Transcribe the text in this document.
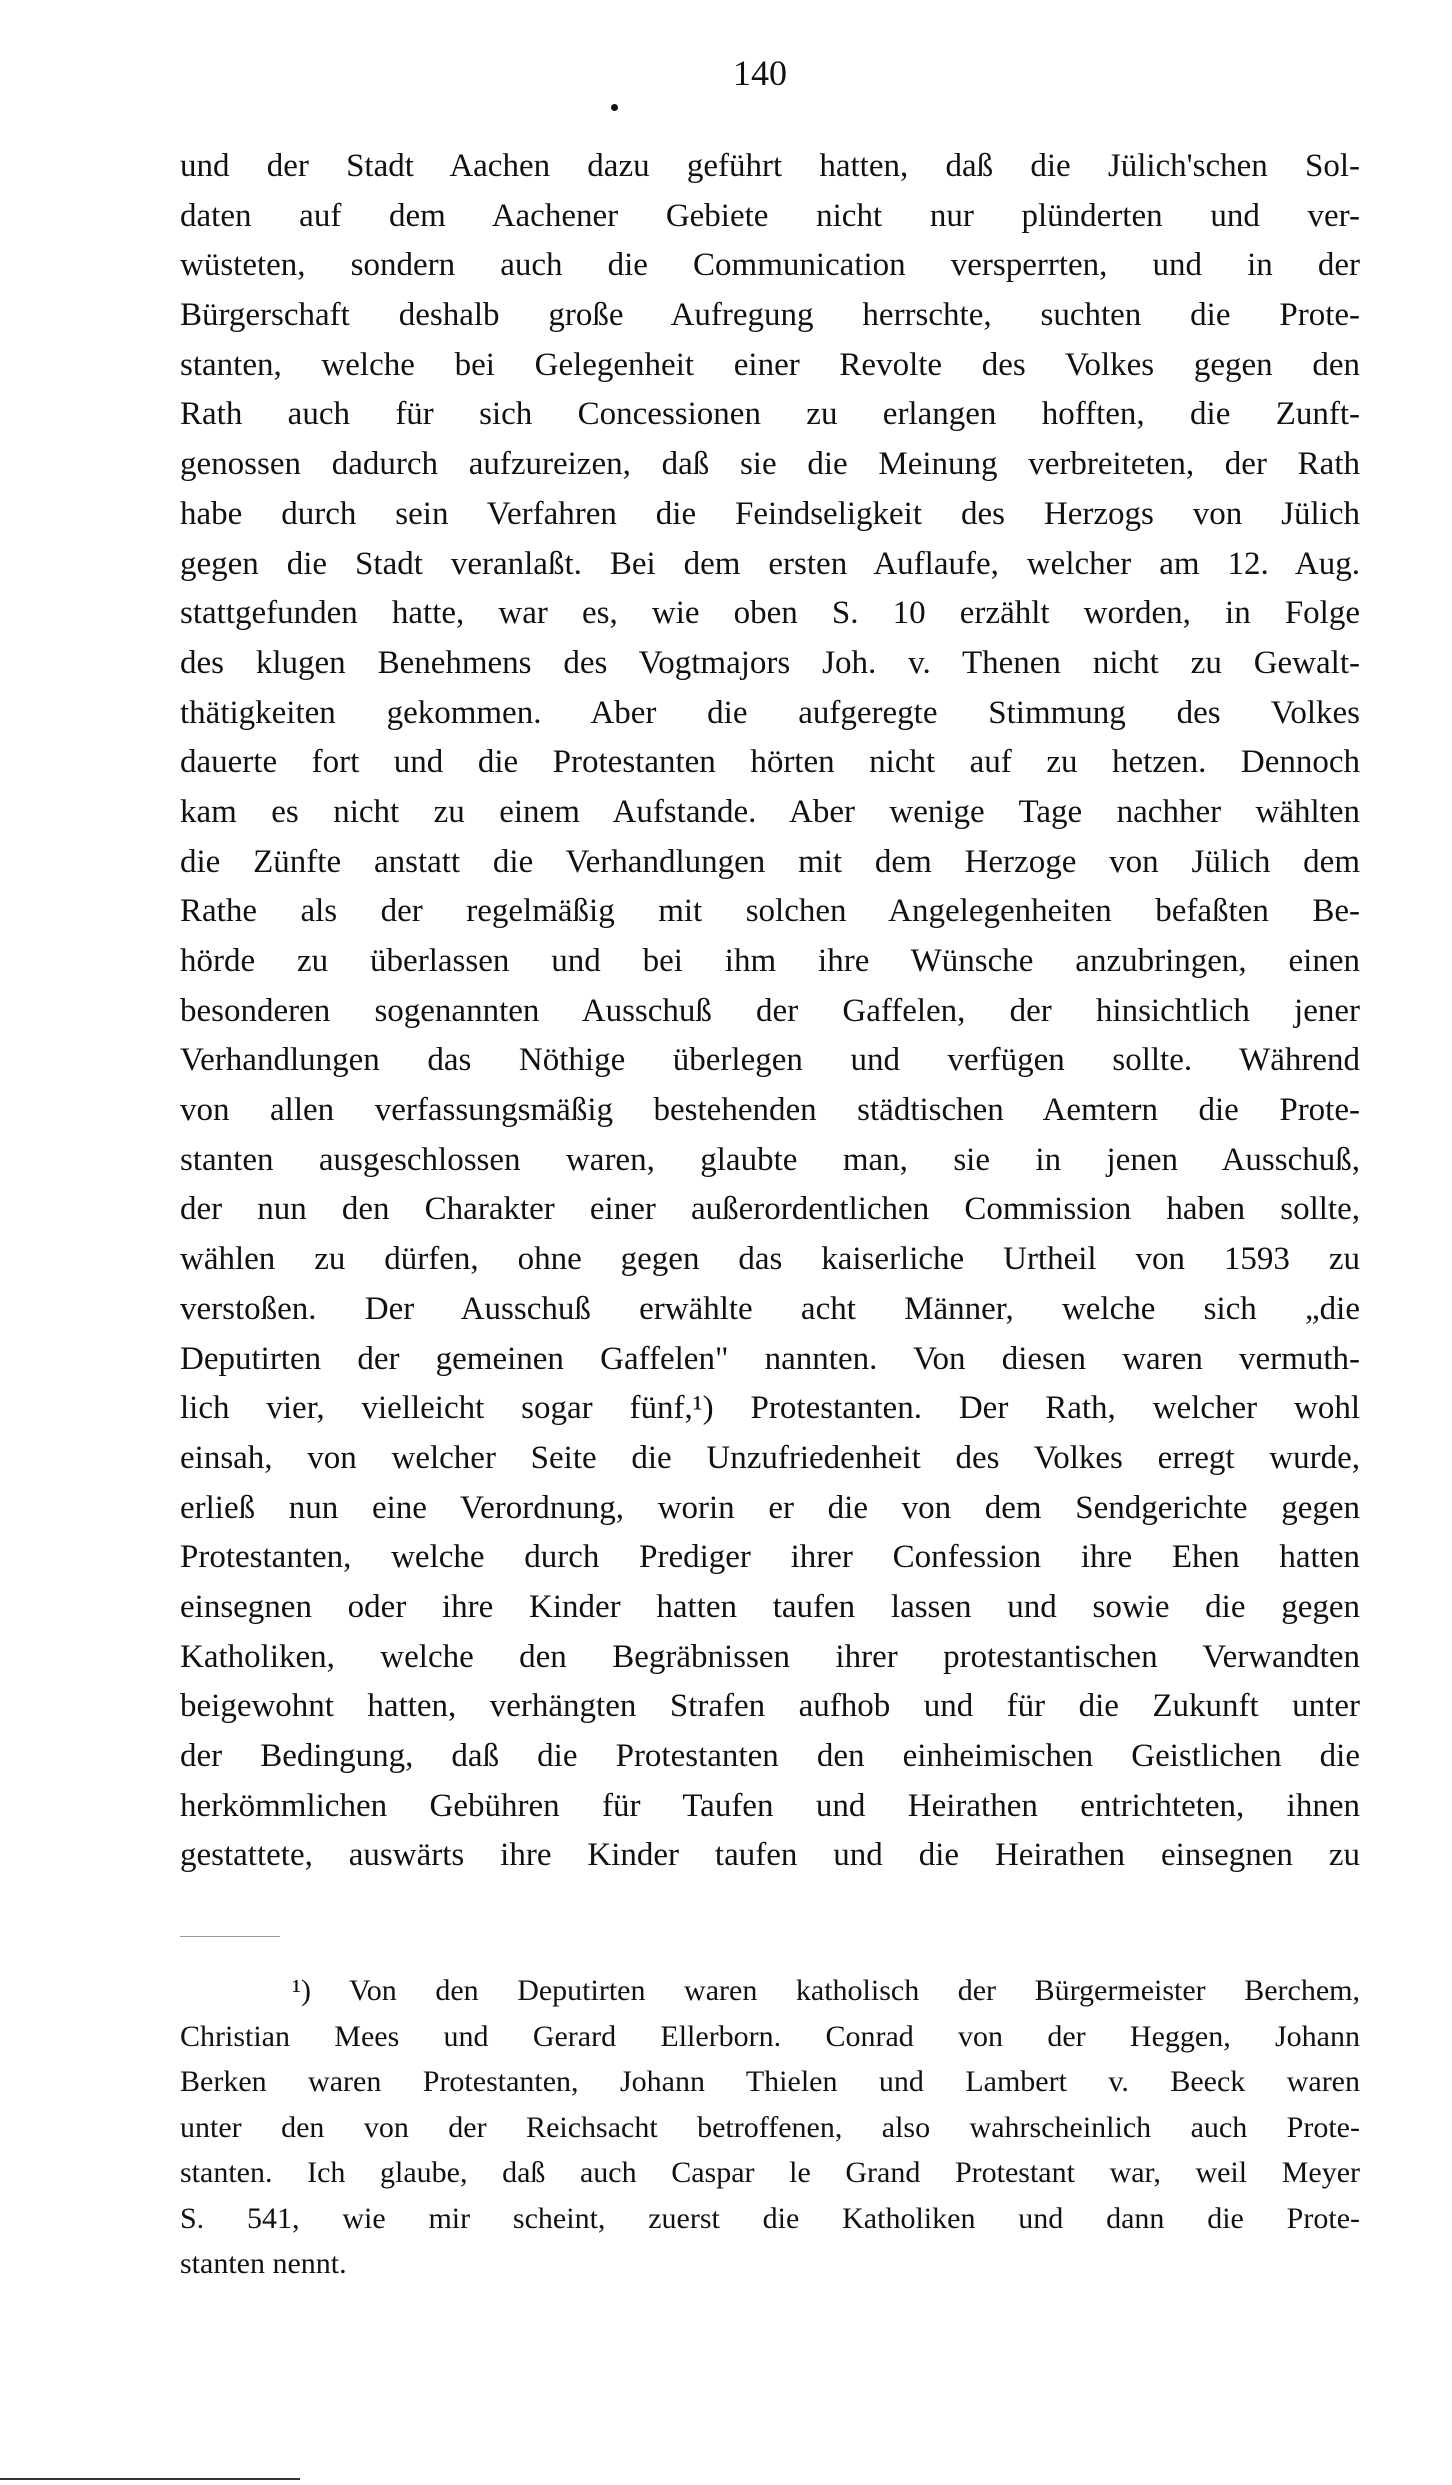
140
und der Stadt Aachen dazu geführt hatten, daß die Jülich'schen Sol-
daten auf dem Aachener Gebiete nicht nur plünderten und ver-
wüsteten, sondern auch die Communication versperrten, und in der
Bürgerschaft deshalb große Aufregung herrschte, suchten die Prote-
stanten, welche bei Gelegenheit einer Revolte des Volkes gegen den
Rath auch für sich Concessionen zu erlangen hofften, die Zunft-
genossen dadurch aufzureizen, daß sie die Meinung verbreiteten, der Rath
habe durch sein Verfahren die Feindseligkeit des Herzogs von Jülich
gegen die Stadt veranlaßt. Bei dem ersten Auflaufe, welcher am 12. Aug.
stattgefunden hatte, war es, wie oben S. 10 erzählt worden, in Folge
des klugen Benehmens des Vogtmajors Joh. v. Thenen nicht zu Gewalt-
thätigkeiten gekommen. Aber die aufgeregte Stimmung des Volkes
dauerte fort und die Protestanten hörten nicht auf zu hetzen. Dennoch
kam es nicht zu einem Aufstande. Aber wenige Tage nachher wählten
die Zünfte anstatt die Verhandlungen mit dem Herzoge von Jülich dem
Rathe als der regelmäßig mit solchen Angelegenheiten befaßten Be-
hörde zu überlassen und bei ihm ihre Wünsche anzubringen, einen
besonderen sogenannten Ausschuß der Gaffelen, der hinsichtlich jener
Verhandlungen das Nöthige überlegen und verfügen sollte. Während
von allen verfassungsmäßig bestehenden städtischen Aemtern die Prote-
stanten ausgeschlossen waren, glaubte man, sie in jenen Ausschuß,
der nun den Charakter einer außerordentlichen Commission haben sollte,
wählen zu dürfen, ohne gegen das kaiserliche Urtheil von 1593 zu
verstoßen. Der Ausschuß erwählte acht Männer, welche sich „die
Deputirten der gemeinen Gaffelen" nannten. Von diesen waren vermuth-
lich vier, vielleicht sogar fünf,¹) Protestanten. Der Rath, welcher wohl
einsah, von welcher Seite die Unzufriedenheit des Volkes erregt wurde,
erließ nun eine Verordnung, worin er die von dem Sendgerichte gegen
Protestanten, welche durch Prediger ihrer Confession ihre Ehen hatten
einsegnen oder ihre Kinder hatten taufen lassen und sowie die gegen
Katholiken, welche den Begräbnissen ihrer protestantischen Verwandten
beigewohnt hatten, verhängten Strafen aufhob und für die Zukunft unter
der Bedingung, daß die Protestanten den einheimischen Geistlichen die
herkömmlichen Gebühren für Taufen und Heirathen entrichteten, ihnen
gestattete, auswärts ihre Kinder taufen und die Heirathen einsegnen zu
¹) Von den Deputirten waren katholisch der Bürgermeister Berchem,
Christian Mees und Gerard Ellerborn. Conrad von der Heggen, Johann
Berken waren Protestanten, Johann Thielen und Lambert v. Beeck waren
unter den von der Reichsacht betroffenen, also wahrscheinlich auch Prote-
stanten. Ich glaube, daß auch Caspar le Grand Protestant war, weil Meyer
S. 541, wie mir scheint, zuerst die Katholiken und dann die Prote-
stanten nennt.
